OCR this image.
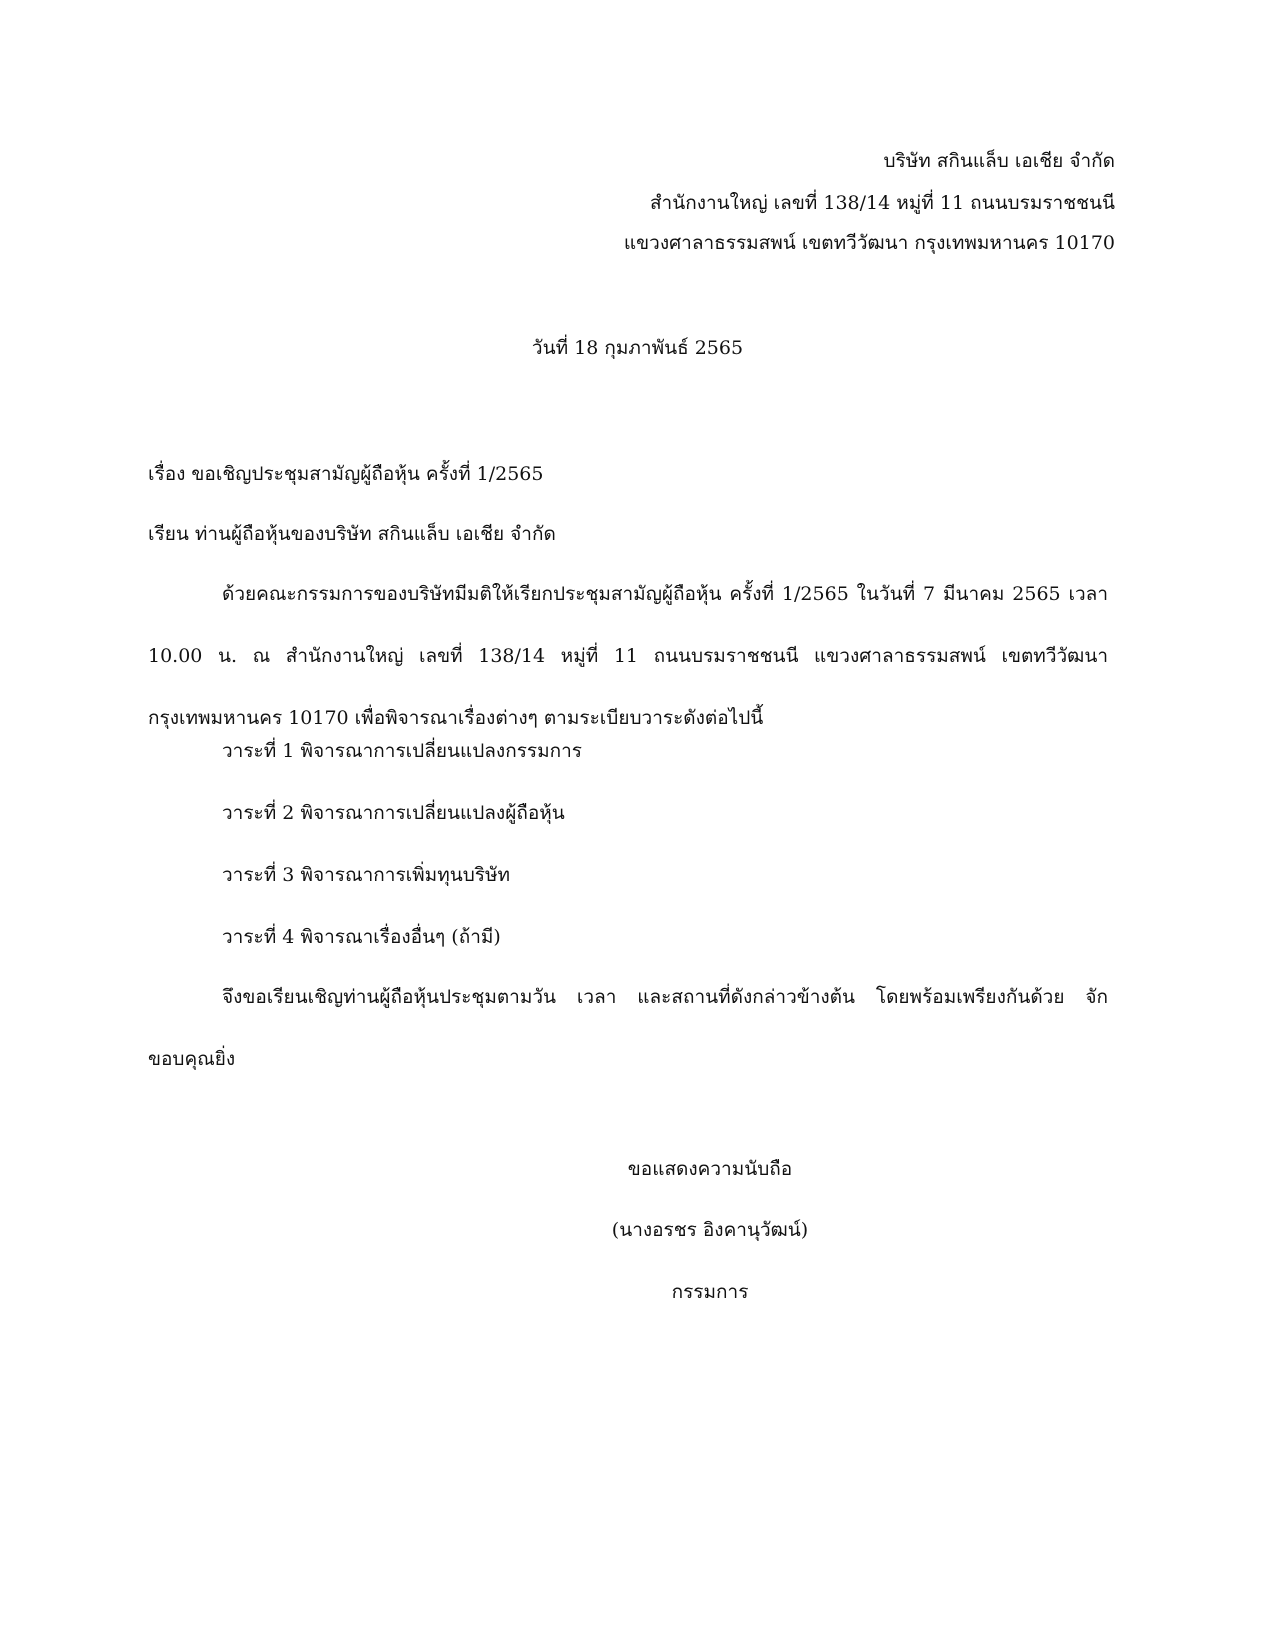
บริษัท สกินแล็บ เอเชีย จำกัด
สำนักงานใหญ่ เลขที่ 138/14 หมู่ที่ 11 ถนนบรมราชชนนี
แขวงศาลาธรรมสพน์ เขตทวีวัฒนา กรุงเทพมหานคร 10170
วันที่ 18 กุมภาพันธ์ 2565
เรื่อง ขอเชิญประชุมสามัญผู้ถือหุ้น ครั้งที่ 1/2565
เรียน ท่านผู้ถือหุ้นของบริษัท สกินแล็บ เอเชีย จำกัด
ด้วยคณะกรรมการของบริษัทมีมติให้เรียกประชุมสามัญผู้ถือหุ้น ครั้งที่ 1/2565 ในวันที่ 7 มีนาคม 2565 เวลา 10.00 น. ณ สำนักงานใหญ่ เลขที่ 138/14 หมู่ที่ 11 ถนนบรมราชชนนี แขวงศาลาธรรมสพน์ เขตทวีวัฒนา กรุงเทพมหานคร 10170 เพื่อพิจารณาเรื่องต่างๆ ตามระเบียบวาระดังต่อไปนี้
วาระที่ 1 พิจารณาการเปลี่ยนแปลงกรรมการ
วาระที่ 2 พิจารณาการเปลี่ยนแปลงผู้ถือหุ้น
วาระที่ 3 พิจารณาการเพิ่มทุนบริษัท
วาระที่ 4 พิจารณาเรื่องอื่นๆ (ถ้ามี)
จึงขอเรียนเชิญท่านผู้ถือหุ้นประชุมตามวัน เวลา และสถานที่ดังกล่าวข้างต้น โดยพร้อมเพรียงกันด้วย จักขอบคุณยิ่ง
ขอแสดงความนับถือ
(นางอรชร อิงคานุวัฒน์)
กรรมการ
